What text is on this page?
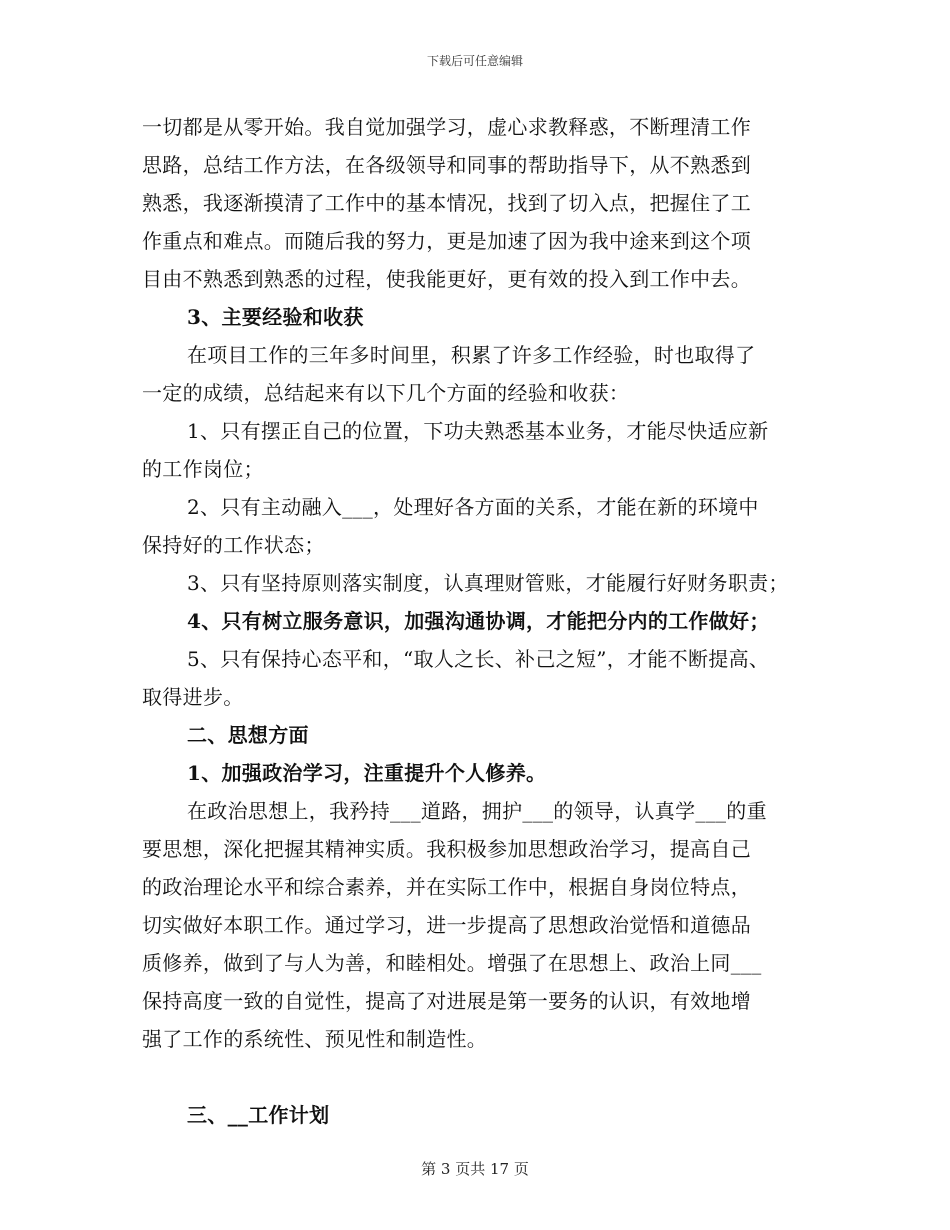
下载后可任意编辑
一切都是从零开始。我自觉加强学习，虚心求教释惑，不断理清工作
思路，总结工作方法，在各级领导和同事的帮助指导下，从不熟悉到
熟悉，我逐渐摸清了工作中的基本情况，找到了切入点，把握住了工
作重点和难点。而随后我的努力，更是加速了因为我中途来到这个项
目由不熟悉到熟悉的过程，使我能更好，更有效的投入到工作中去。
3、主要经验和收获
在项目工作的三年多时间里，积累了许多工作经验，时也取得了
一定的成绩，总结起来有以下几个方面的经验和收获：
1、只有摆正自己的位置，下功夫熟悉基本业务，才能尽快适应新
的工作岗位；
2、只有主动融入___，处理好各方面的关系，才能在新的环境中
保持好的工作状态；
3、只有坚持原则落实制度，认真理财管账，才能履行好财务职责；
4、只有树立服务意识，加强沟通协调，才能把分内的工作做好；
5、只有保持心态平和，“取人之长、补己之短”，才能不断提高、
取得进步。
二、思想方面
1、加强政治学习，注重提升个人修养。
在政治思想上，我矜持___道路，拥护___的领导，认真学___的重
要思想，深化把握其精神实质。我积极参加思想政治学习，提高自己
的政治理论水平和综合素养，并在实际工作中，根据自身岗位特点，
切实做好本职工作。通过学习，进一步提高了思想政治觉悟和道德品
质修养，做到了与人为善，和睦相处。增强了在思想上、政治上同___
保持高度一致的自觉性，提高了对进展是第一要务的认识，有效地增
强了工作的系统性、预见性和制造性。
三、__工作计划
第 3 页共 17 页
